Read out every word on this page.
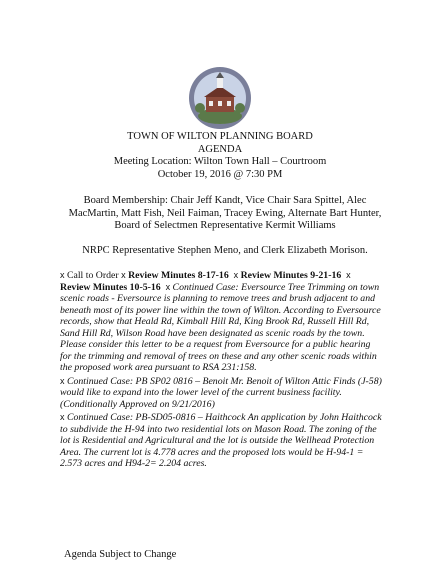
TOWN OF WILTON PLANNING BOARD
AGENDA
Meeting Location: Wilton Town Hall – Courtroom
October 19, 2016 @ 7:30 PM
Board Membership: Chair Jeff Kandt, Vice Chair Sara Spittel, Alec
MacMartin, Matt Fish, Neil Faiman, Tracey Ewing, Alternate Bart Hunter,
Board of Selectmen Representative Kermit Williams
NRPC Representative Stephen Meno, and Clerk Elizabeth Morison.

x Call to Order x Review Minutes 8-17-16 x Review Minutes 9-21-16 x Review Minutes 10-5-16 x Continued Case: Eversource Tree Trimming on town scenic roads - Eversource is planning to remove trees and brush adjacent to and beneath most of its power line within the town of Wilton. According to Eversource records, show that Heald Rd, Kimball Hill Rd, King Brook Rd, Russell Hill Rd, Sand Hill Rd, Wilson Road have been designated as scenic roads by the town. Please consider this letter to be a request from Eversource for a public hearing for the trimming and removal of trees on these and any other scenic roads within the proposed work area pursuant to RSA 231:158.

x Continued Case: PB SP02 0816 – Benoit Mr. Benoit of Wilton Attic Finds (J-58) would like to expand into the lower level of the current business facility. (Conditionally Approved on 9/21/2016)

x Continued Case: PB-SD05-0816 – Haithcock An application by John Haithcock to subdivide the H-94 into two residential lots on Mason Road. The zoning of the lot is Residential and Agricultural and the lot is outside the Wellhead Protection Area. The current lot is 4.778 acres and the proposed lots would be H-94-1 = 2.573 acres and H94-2= 2.204 acres.

Agenda Subject to Change
